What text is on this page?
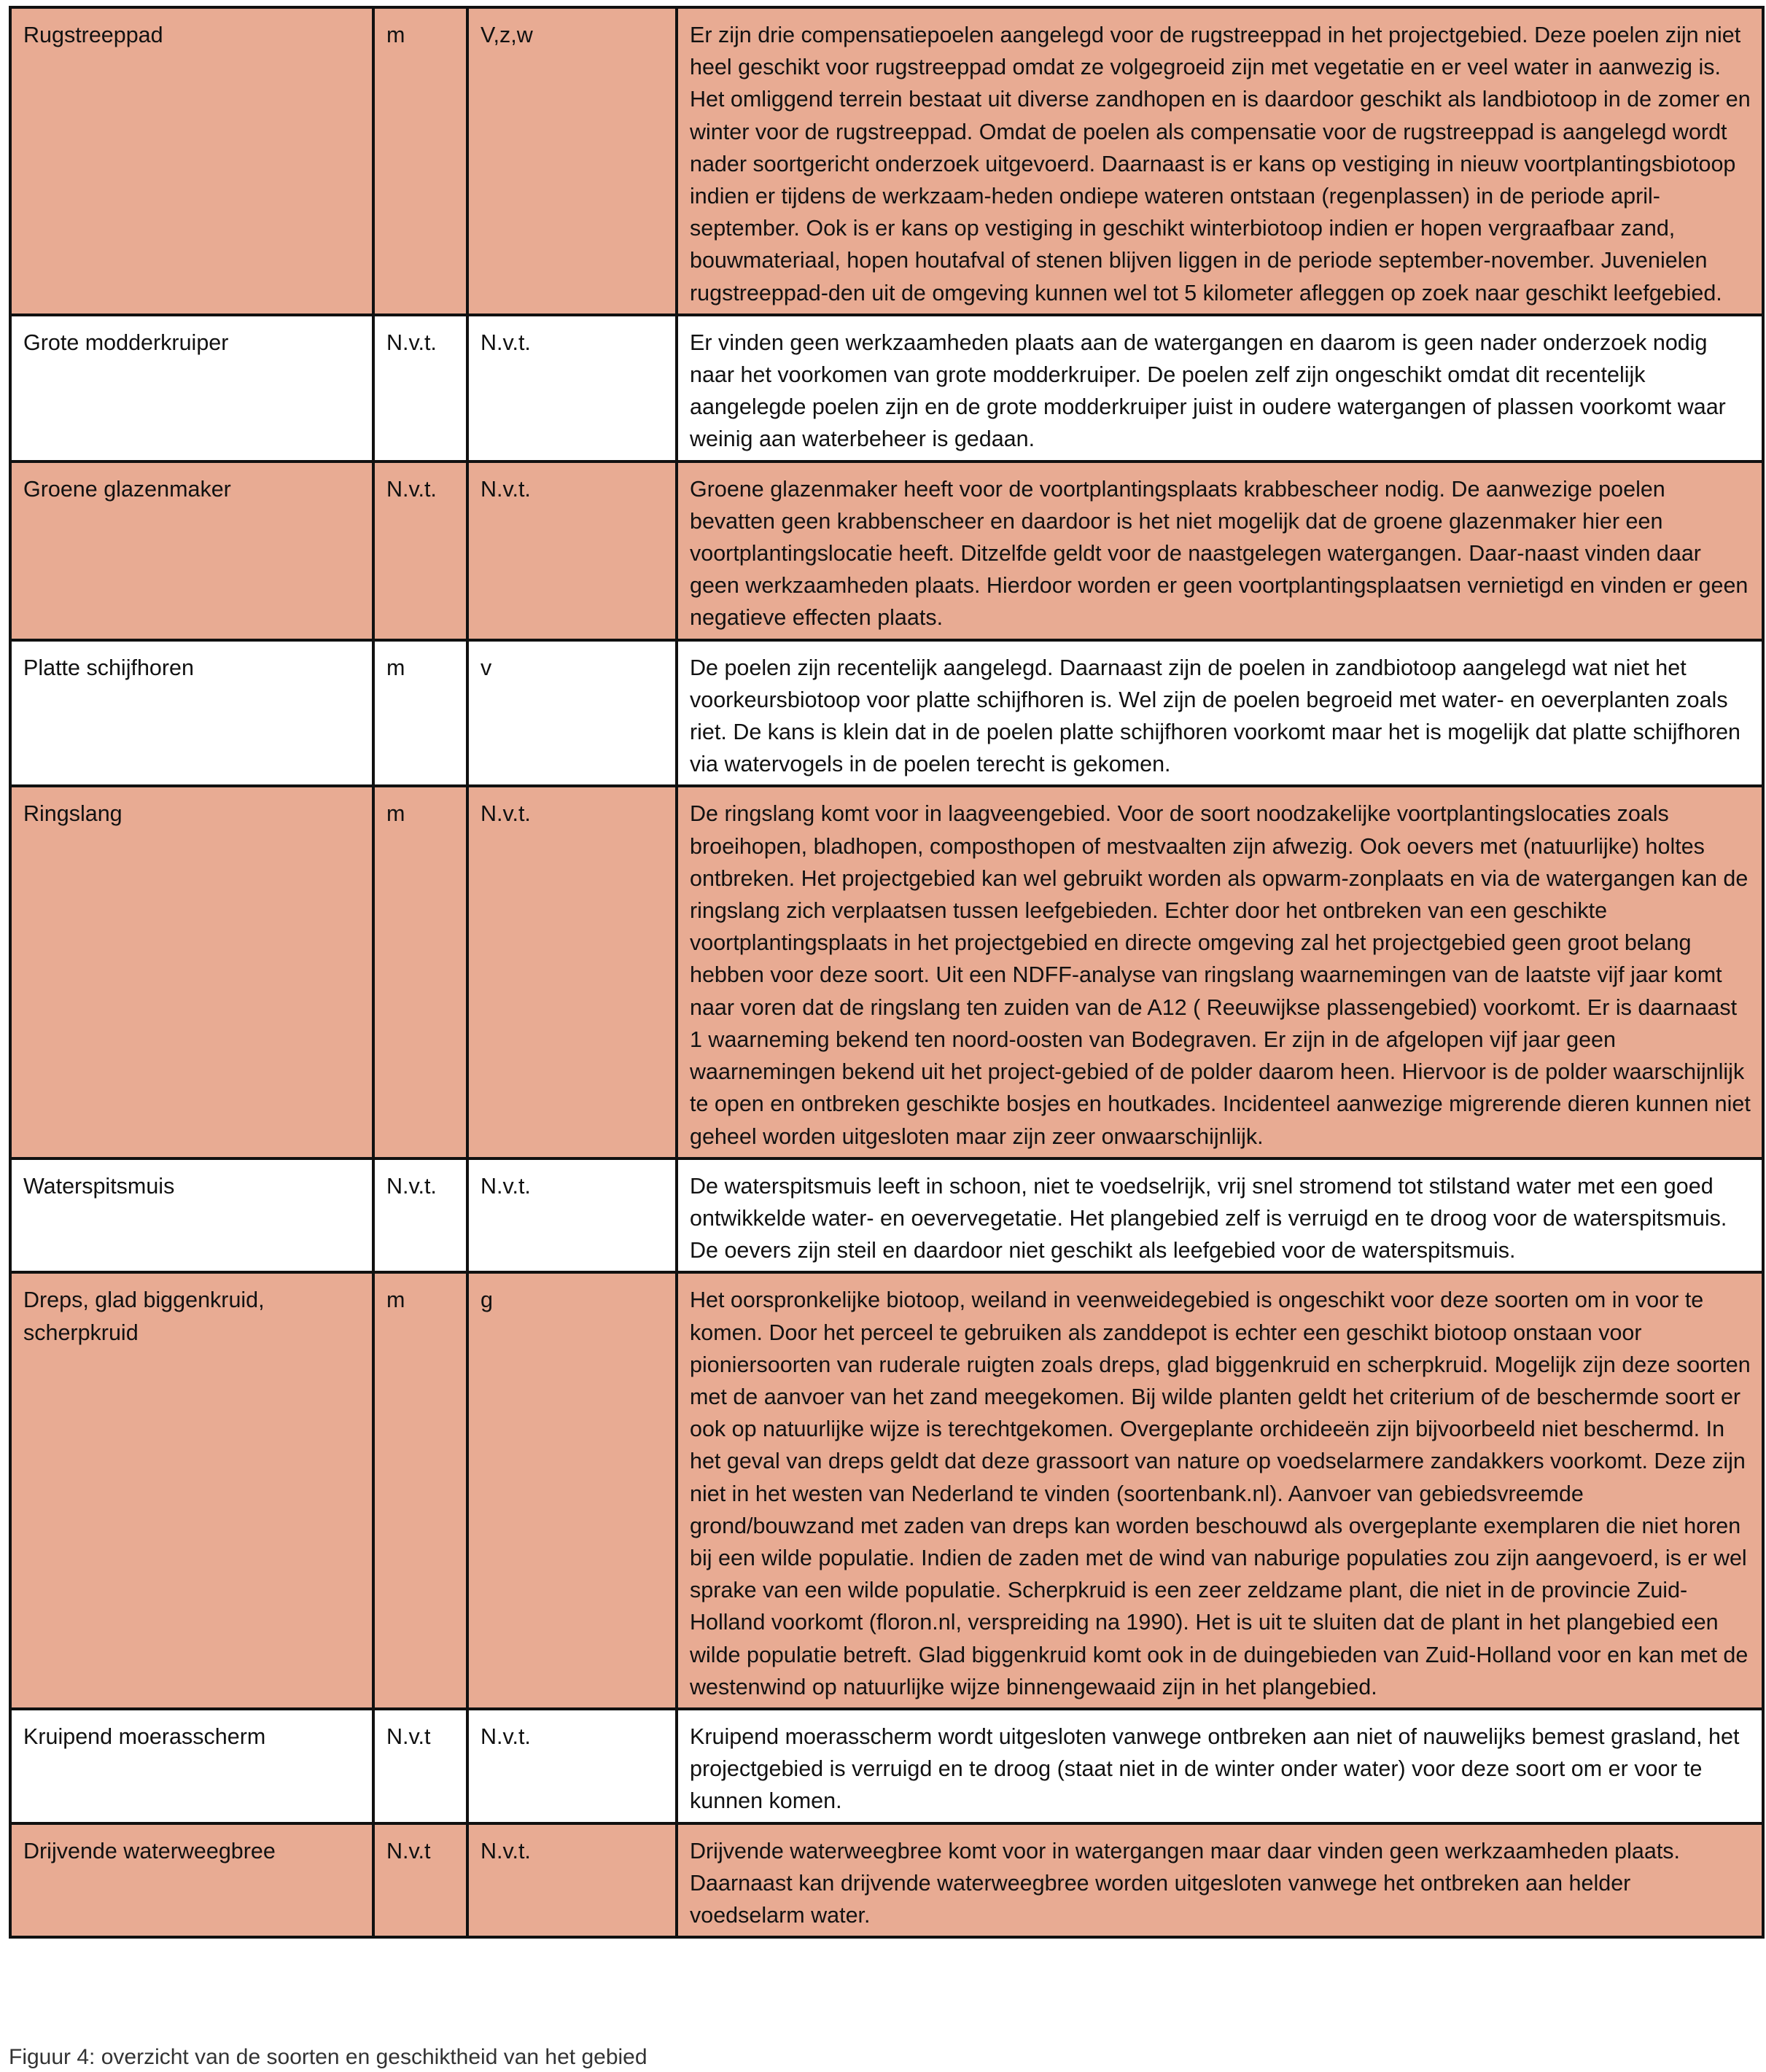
Rugstreeppad	m	V,z,w	Er zijn drie compensatiepoelen aangelegd voor de rugstreeppad in het projectgebied. Deze poelen zijn niet heel geschikt voor rugstreeppad omdat ze volgegroeid zijn met vegetatie en er veel water in aanwezig is. Het omliggend terrein bestaat uit diverse zandhopen en is daardoor geschikt als landbiotoop in de zomer en winter voor de rugstreeppad. Omdat de poelen als compensatie voor de rugstreeppad is aangelegd wordt nader soortgericht onderzoek uitgevoerd. Daarnaast is er kans op vestiging in nieuw voortplantingsbiotoop indien er tijdens de werkzaam-heden ondiepe wateren ontstaan (regenplassen) in de periode april-september. Ook is er kans op vestiging in geschikt winterbiotoop indien er hopen vergraafbaar zand, bouwmateriaal, hopen houtafval of stenen blijven liggen in de periode september-november. Juvenielen rugstreeppad-den uit de omgeving kunnen wel tot 5 kilometer afleggen op zoek naar geschikt leefgebied.
Grote modderkruiper	N.v.t.	N.v.t.	Er vinden geen werkzaamheden plaats aan de watergangen en daarom is geen nader onderzoek nodig naar het voorkomen van grote modderkruiper. De poelen zelf zijn ongeschikt omdat dit recentelijk aangelegde poelen zijn en de grote modderkruiper juist in oudere watergangen of plassen voorkomt waar weinig aan waterbeheer is gedaan.
Groene glazenmaker	N.v.t.	N.v.t.	Groene glazenmaker heeft voor de voortplantingsplaats krabbescheer nodig. De aanwezige poelen bevatten geen krabbenscheer en daardoor is het niet mogelijk dat de groene glazenmaker hier een voortplantingslocatie heeft. Ditzelfde geldt voor de naastgelegen watergangen. Daar-naast vinden daar geen werkzaamheden plaats. Hierdoor worden er geen voortplantingsplaatsen vernietigd en vinden er geen negatieve effecten plaats.
Platte schijfhoren	m	v	De poelen zijn recentelijk aangelegd. Daarnaast zijn de poelen in zandbiotoop aangelegd wat niet het voorkeursbiotoop voor platte schijfhoren is. Wel zijn de poelen begroeid met water- en oeverplanten zoals riet. De kans is klein dat in de poelen platte schijfhoren voorkomt maar het is mogelijk dat platte schijfhoren via watervogels in de poelen terecht is gekomen.
Ringslang	m	N.v.t.	De ringslang komt voor in laagveengebied. Voor de soort noodzakelijke voortplantingslocaties zoals broeihopen, bladhopen, composthopen of mestvaalten zijn afwezig. Ook oevers met (natuurlijke) holtes ontbreken. Het projectgebied kan wel gebruikt worden als opwarm-zonplaats en via de watergangen kan de ringslang zich verplaatsen tussen leefgebieden. Echter door het ontbreken van een geschikte voortplantingsplaats in het projectgebied en directe omgeving zal het projectgebied geen groot belang hebben voor deze soort. Uit een NDFF-analyse van ringslang waarnemingen van de laatste vijf jaar komt naar voren dat de ringslang ten zuiden van de A12 ( Reeuwijkse plassengebied) voorkomt. Er is daarnaast 1 waarneming bekend ten noord-oosten van Bodegraven. Er zijn in de afgelopen vijf jaar geen waarnemingen bekend uit het project-gebied of de polder daarom heen. Hiervoor is de polder waarschijnlijk te open en ontbreken geschikte bosjes en houtkades. Incidenteel aanwezige migrerende dieren kunnen niet geheel worden uitgesloten maar zijn zeer onwaarschijnlijk.
Waterspitsmuis	N.v.t.	N.v.t.	De waterspitsmuis leeft in schoon, niet te voedselrijk, vrij snel stromend tot stilstand water met een goed ontwikkelde water- en oevervegetatie. Het plangebied zelf is verruigd en te droog voor de waterspitsmuis. De oevers zijn steil en daardoor niet geschikt als leefgebied voor de waterspitsmuis.
Dreps, glad biggenkruid, scherpkruid	m	g	Het oorspronkelijke biotoop, weiland in veenweidegebied is ongeschikt voor deze soorten om in voor te komen. Door het perceel te gebruiken als zanddepot is echter een geschikt biotoop onstaan voor pioniersoorten van ruderale ruigten zoals dreps, glad biggenkruid en scherpkruid. Mogelijk zijn deze soorten met de aanvoer van het zand meegekomen. Bij wilde planten geldt het criterium of de beschermde soort er ook op natuurlijke wijze is terechtgekomen. Overgeplante orchideeën zijn bijvoorbeeld niet beschermd. In het geval van dreps geldt dat deze grassoort van nature op voedselarmere zandakkers voorkomt. Deze zijn niet in het westen van Nederland te vinden (soortenbank.nl). Aanvoer van gebiedsvreemde grond/bouwzand met zaden van dreps kan worden beschouwd als overgeplante exemplaren die niet horen bij een wilde populatie. Indien de zaden met de wind van naburige populaties zou zijn aangevoerd, is er wel sprake van een wilde populatie. Scherpkruid is een zeer zeldzame plant, die niet in de provincie Zuid-Holland voorkomt (floron.nl, verspreiding na 1990). Het is uit te sluiten dat de plant in het plangebied een wilde populatie betreft. Glad biggenkruid komt ook in de duingebieden van Zuid-Holland voor en kan met de westenwind op natuurlijke wijze binnengewaaid zijn in het plangebied.
Kruipend moerasscherm	N.v.t	N.v.t.	Kruipend moerasscherm wordt uitgesloten vanwege ontbreken aan niet of nauwelijks bemest grasland, het projectgebied is verruigd en te droog (staat niet in de winter onder water) voor deze soort om er voor te kunnen komen.
Drijvende waterweegbree	N.v.t	N.v.t.	Drijvende waterweegbree komt voor in watergangen maar daar vinden geen werkzaamheden plaats. Daarnaast kan drijvende waterweegbree worden uitgesloten vanwege het ontbreken aan helder voedselarm water.
Figuur 4: overzicht van de soorten en geschiktheid van het gebied
